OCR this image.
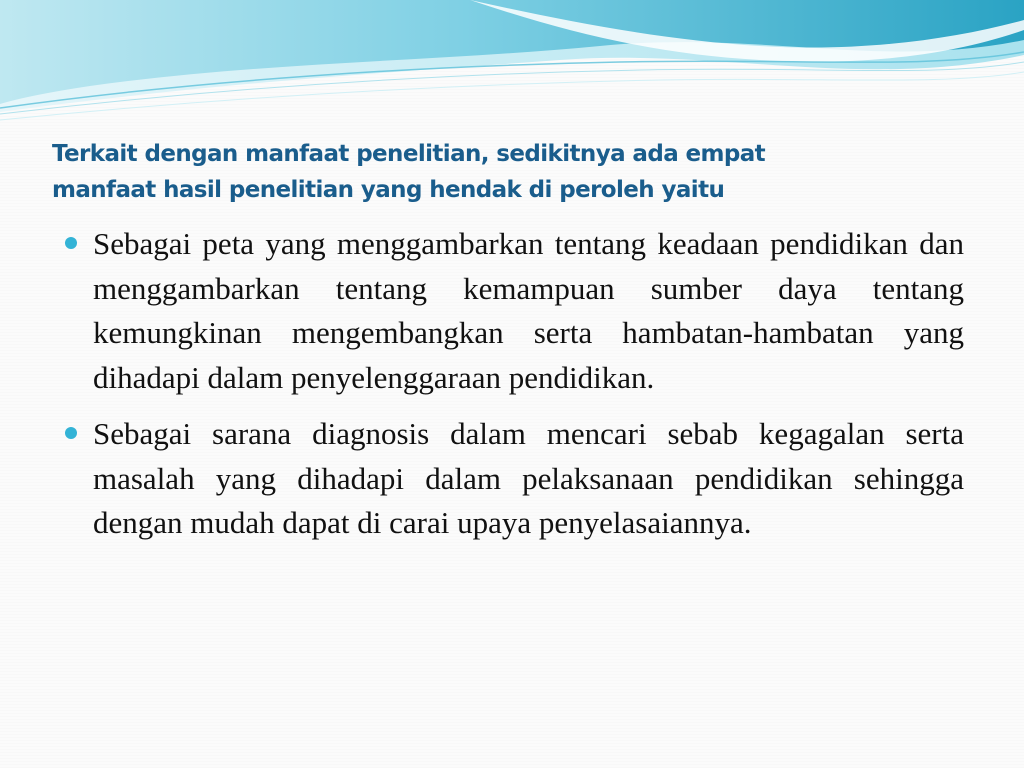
Terkait dengan manfaat penelitian, sedikitnya ada empat
manfaat hasil penelitian yang hendak di peroleh yaitu
Sebagai peta yang menggambarkan tentang keadaan pendidikan dan menggambarkan tentang kemampuan sumber daya tentang kemungkinan mengembangkan serta hambatan-hambatan yang dihadapi dalam penyelenggaraan pendidikan.
Sebagai sarana diagnosis dalam mencari sebab kegagalan serta masalah yang dihadapi dalam pelaksanaan pendidikan sehingga dengan mudah dapat di carai upaya penyelasaiannya.
